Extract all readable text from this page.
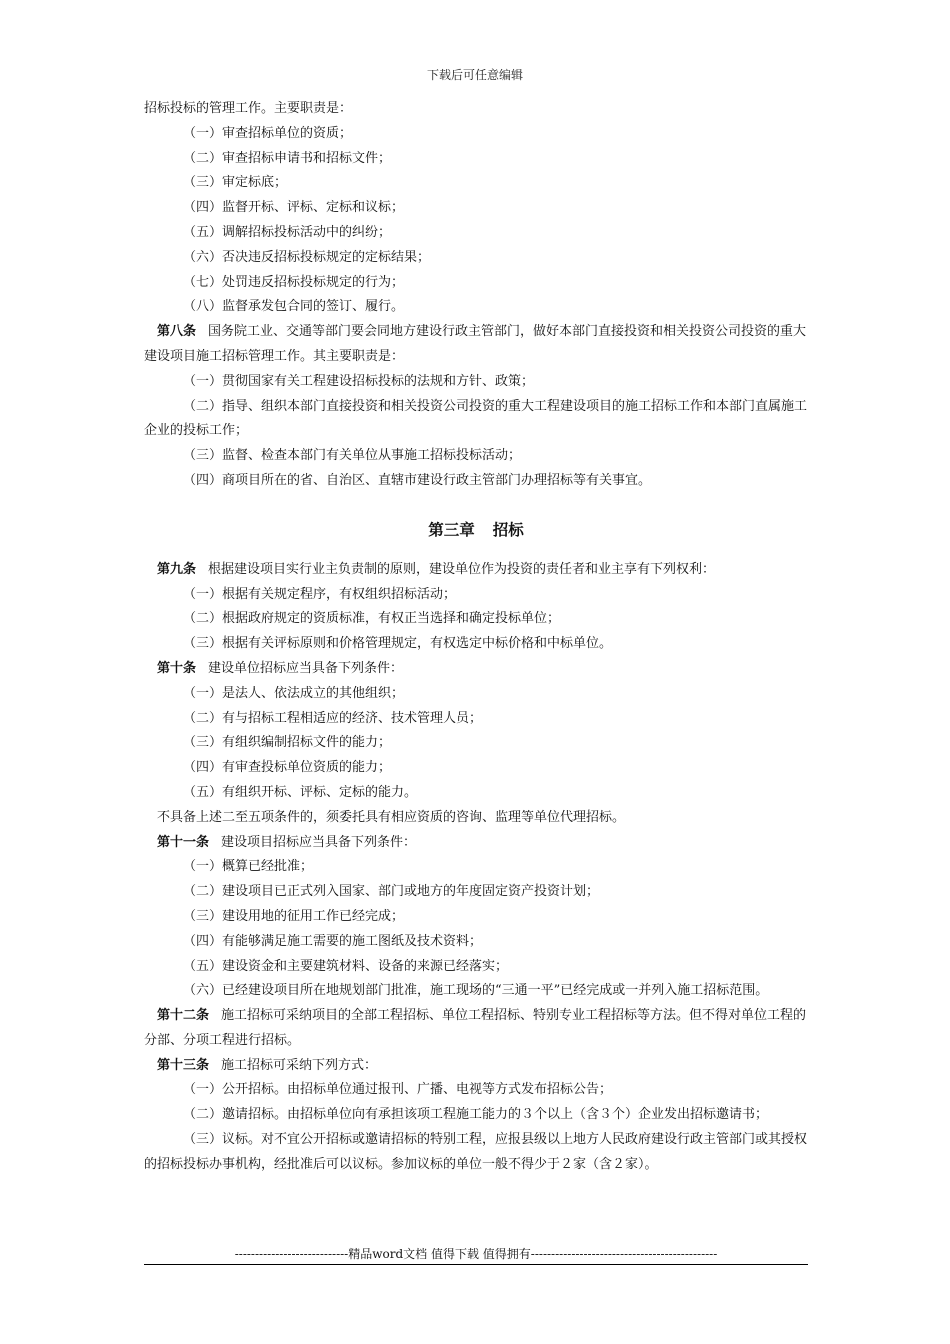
下载后可任意编辑

招标投标的管理工作。主要职责是：

（一）审查招标单位的资质；

（二）审查招标申请书和招标文件；

（三）审定标底；

（四）监督开标、评标、定标和议标；

（五）调解招标投标活动中的纠纷；

（六）否决违反招标投标规定的定标结果；

（七）处罚违反招标投标规定的行为；

（八）监督承发包合同的签订、履行。

第八条 国务院工业、交通等部门要会同地方建设行政主管部门，做好本部门直接投资和相关投资公司投资的重大建设项目施工招标管理工作。其主要职责是：

（一）贯彻国家有关工程建设招标投标的法规和方针、政策；

（二）指导、组织本部门直接投资和相关投资公司投资的重大工程建设项目的施工招标工作和本部门直属施工企业的投标工作；

（三）监督、检查本部门有关单位从事施工招标投标活动；

（四）商项目所在的省、自治区、直辖市建设行政主管部门办理招标等有关事宜。

第三章 招标

第九条 根据建设项目实行业主负责制的原则，建设单位作为投资的责任者和业主享有下列权利：

（一）根据有关规定程序，有权组织招标活动；

（二）根据政府规定的资质标准，有权正当选择和确定投标单位；

（三）根据有关评标原则和价格管理规定，有权选定中标价格和中标单位。

第十条 建设单位招标应当具备下列条件：

（一）是法人、依法成立的其他组织；

（二）有与招标工程相适应的经济、技术管理人员；

（三）有组织编制招标文件的能力；

（四）有审查投标单位资质的能力；

（五）有组织开标、评标、定标的能力。

不具备上述二至五项条件的，须委托具有相应资质的咨询、监理等单位代理招标。

第十一条 建设项目招标应当具备下列条件：

（一）概算已经批准；

（二）建设项目已正式列入国家、部门或地方的年度固定资产投资计划；

（三）建设用地的征用工作已经完成；

（四）有能够满足施工需要的施工图纸及技术资料；

（五）建设资金和主要建筑材料、设备的来源已经落实；

（六）已经建设项目所在地规划部门批准，施工现场的“三通一平”已经完成或一并列入施工招标范围。

第十二条 施工招标可采纳项目的全部工程招标、单位工程招标、特别专业工程招标等方法。但不得对单位工程的分部、分项工程进行招标。

第十三条 施工招标可采纳下列方式：

（一）公开招标。由招标单位通过报刊、广播、电视等方式发布招标公告；

（二）邀请招标。由招标单位向有承担该项工程施工能力的３个以上（含３个）企业发出招标邀请书；

（三）议标。对不宜公开招标或邀请招标的特别工程，应报县级以上地方人民政府建设行政主管部门或其授权的招标投标办事机构，经批准后可以议标。参加议标的单位一般不得少于２家（含２家）。

----------------------------精品word文档 值得下载 值得拥有----------------------------------------------
